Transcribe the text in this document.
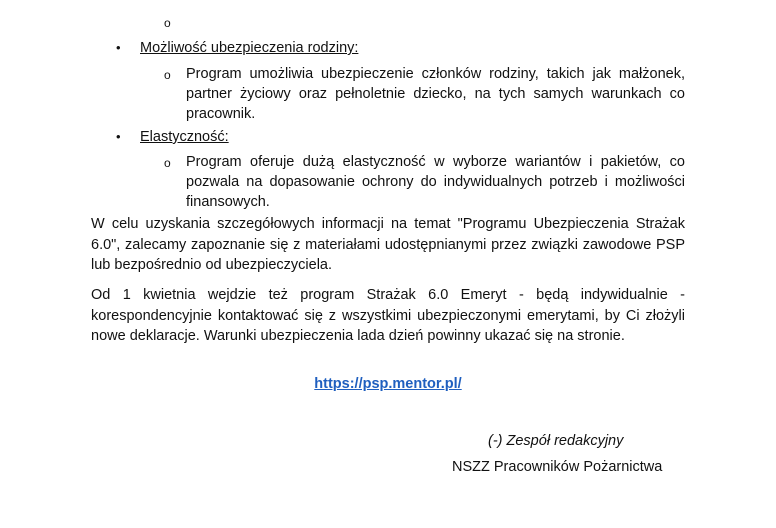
o
• Możliwość ubezpieczenia rodziny:
o Program umożliwia ubezpieczenie członków rodziny, takich jak małżonek, partner życiowy oraz pełnoletnie dziecko, na tych samych warunkach co pracownik.
• Elastyczność:
o Program oferuje dużą elastyczność w wyborze wariantów i pakietów, co pozwala na dopasowanie ochrony do indywidualnych potrzeb i możliwości finansowych.
W celu uzyskania szczegółowych informacji na temat "Programu Ubezpieczenia Strażak 6.0", zalecamy zapoznanie się z materiałami udostępnianymi przez związki zawodowe PSP lub bezpośrednio od ubezpieczyciela.
Od 1 kwietnia wejdzie też program Strażak 6.0 Emeryt - będą indywidualnie - korespondencyjnie kontaktować się z wszystkimi ubezpieczonymi emerytami, by Ci złożyli nowe deklaracje. Warunki ubezpieczenia lada dzień powinny ukazać się na stronie.
https://psp.mentor.pl/
(-) Zespół redakcyjny
NSZZ Pracowników Pożarnictwa
